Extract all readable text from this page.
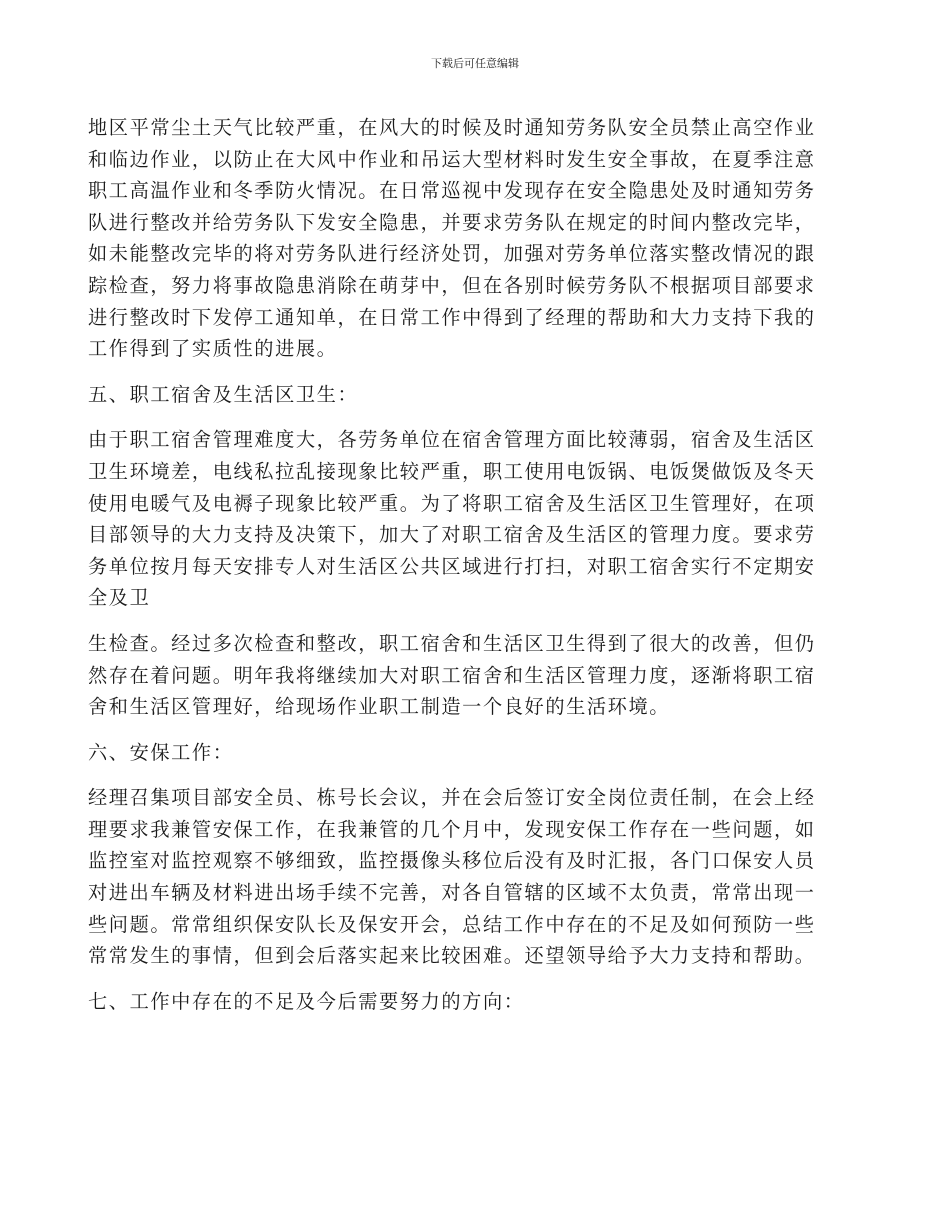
下载后可任意编辑

地区平常尘土天气比较严重，在风大的时候及时通知劳务队安全员禁止高空作业
和临边作业，以防止在大风中作业和吊运大型材料时发生安全事故，在夏季注意
职工高温作业和冬季防火情况。在日常巡视中发现存在安全隐患处及时通知劳务
队进行整改并给劳务队下发安全隐患，并要求劳务队在规定的时间内整改完毕，
如未能整改完毕的将对劳务队进行经济处罚，加强对劳务单位落实整改情况的跟
踪检查，努力将事故隐患消除在萌芽中，但在各别时候劳务队不根据项目部要求
进行整改时下发停工通知单，在日常工作中得到了经理的帮助和大力支持下我的
工作得到了实质性的进展。

五、职工宿舍及生活区卫生：

由于职工宿舍管理难度大，各劳务单位在宿舍管理方面比较薄弱，宿舍及生活区
卫生环境差，电线私拉乱接现象比较严重，职工使用电饭锅、电饭煲做饭及冬天
使用电暖气及电褥子现象比较严重。为了将职工宿舍及生活区卫生管理好，在项
目部领导的大力支持及决策下，加大了对职工宿舍及生活区的管理力度。要求劳
务单位按月每天安排专人对生活区公共区域进行打扫，对职工宿舍实行不定期安
全及卫

生检查。经过多次检查和整改，职工宿舍和生活区卫生得到了很大的改善，但仍
然存在着问题。明年我将继续加大对职工宿舍和生活区管理力度，逐渐将职工宿
舍和生活区管理好，给现场作业职工制造一个良好的生活环境。

六、安保工作：

经理召集项目部安全员、栋号长会议，并在会后签订安全岗位责任制，在会上经
理要求我兼管安保工作，在我兼管的几个月中，发现安保工作存在一些问题，如
监控室对监控观察不够细致，监控摄像头移位后没有及时汇报，各门口保安人员
对进出车辆及材料进出场手续不完善，对各自管辖的区域不太负责，常常出现一
些问题。常常组织保安队长及保安开会，总结工作中存在的不足及如何预防一些
常常发生的事情，但到会后落实起来比较困难。还望领导给予大力支持和帮助。

七、工作中存在的不足及今后需要努力的方向：
